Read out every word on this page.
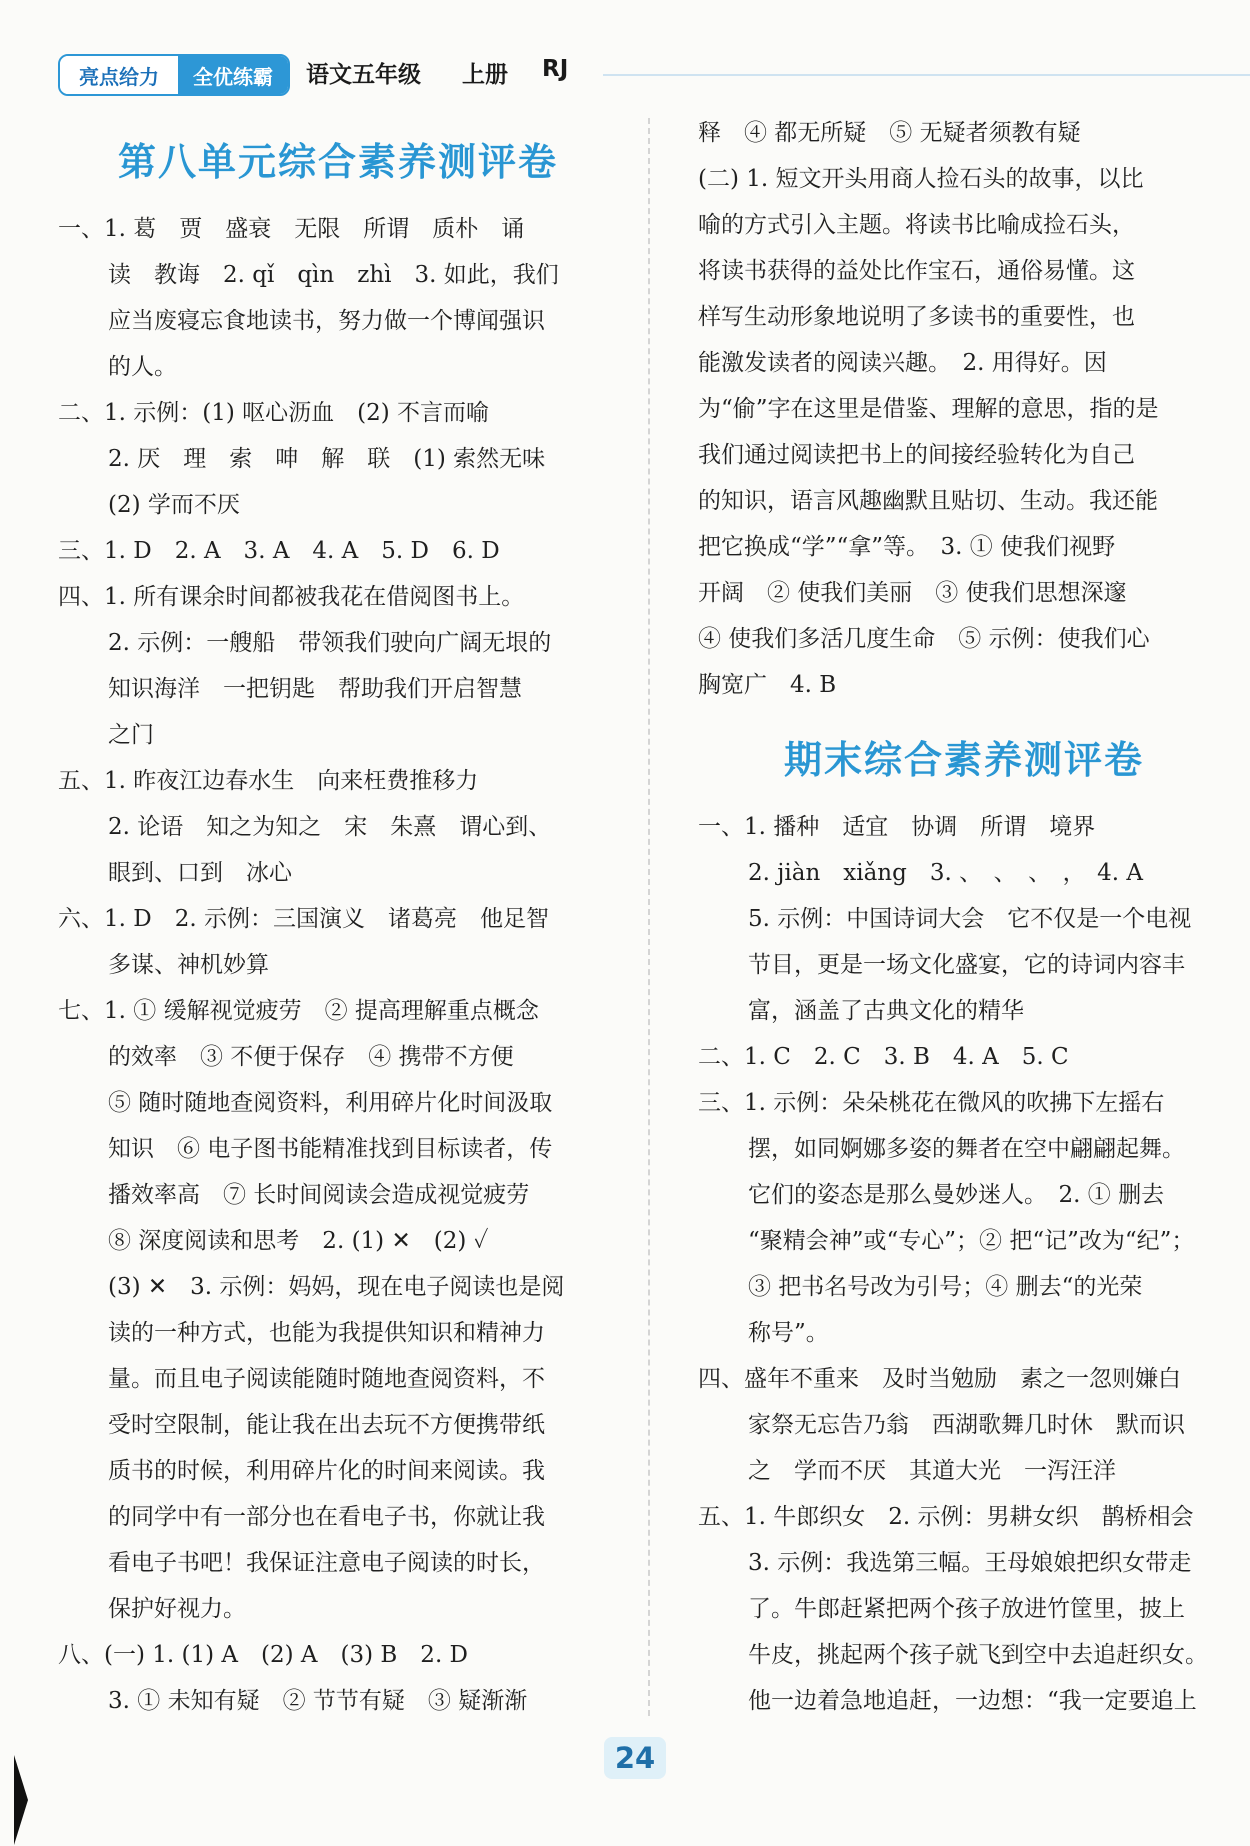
亮点给力	全优练霸	语文五年级 上册 RJ
第八单元综合素养测评卷
一、1. 葛　贾　盛衰　无限　所谓　质朴　诵
读　教诲　2. qǐ　qìn　zhì　3. 如此，我们
应当废寝忘食地读书，努力做一个博闻强识
的人。
二、1. 示例：(1) 呕心沥血　(2) 不言而喻
2. 厌　理　索　呻　解　联　(1) 索然无味
(2) 学而不厌
三、1. D　2. A　3. A　4. A　5. D　6. D
四、1. 所有课余时间都被我花在借阅图书上。
2. 示例：一艘船　带领我们驶向广阔无垠的
知识海洋　一把钥匙　帮助我们开启智慧
之门
五、1. 昨夜江边春水生　向来枉费推移力
2. 论语　知之为知之　宋　朱熹　谓心到、
眼到、口到　冰心
六、1. D　2. 示例：三国演义　诸葛亮　他足智
多谋、神机妙算
七、1. ① 缓解视觉疲劳　② 提高理解重点概念
的效率　③ 不便于保存　④ 携带不方便
⑤ 随时随地查阅资料，利用碎片化时间汲取
知识　⑥ 电子图书能精准找到目标读者，传
播效率高　⑦ 长时间阅读会造成视觉疲劳
⑧ 深度阅读和思考　2. (1) ✕　(2) ✓
(3) ✕　3. 示例：妈妈，现在电子阅读也是阅
读的一种方式，也能为我提供知识和精神力
量。而且电子阅读能随时随地查阅资料，不
受时空限制，能让我在出去玩不方便携带纸
质书的时候，利用碎片化的时间来阅读。我
的同学中有一部分也在看电子书，你就让我
看电子书吧！我保证注意电子阅读的时长，
保护好视力。
八、(一) 1. (1) A　(2) A　(3) B　2. D
3. ① 未知有疑　② 节节有疑　③ 疑渐渐
释　④ 都无所疑　⑤ 无疑者须教有疑
(二) 1. 短文开头用商人捡石头的故事，以比
喻的方式引入主题。将读书比喻成捡石头，
将读书获得的益处比作宝石，通俗易懂。这
样写生动形象地说明了多读书的重要性，也
能激发读者的阅读兴趣。　2. 用得好。因
为“偷”字在这里是借鉴、理解的意思，指的是
我们通过阅读把书上的间接经验转化为自己
的知识，语言风趣幽默且贴切、生动。我还能
把它换成“学”“拿”等。　3. ① 使我们视野
开阔　② 使我们美丽　③ 使我们思想深邃
④ 使我们多活几度生命　⑤ 示例：使我们心
胸宽广　4. B
期末综合素养测评卷
一、1. 播种　适宜　协调　所谓　境界
2. jiàn　xiǎng　3. 、　、　、　，　4. A
5. 示例：中国诗词大会　它不仅是一个电视
节目，更是一场文化盛宴，它的诗词内容丰
富，涵盖了古典文化的精华
二、1. C　2. C　3. B　4. A　5. C
三、1. 示例：朵朵桃花在微风的吹拂下左摇右
摆，如同婀娜多姿的舞者在空中翩翩起舞。
它们的姿态是那么曼妙迷人。　2. ① 删去
“聚精会神”或“专心”；② 把“记”改为“纪”；
③ 把书名号改为引号；④ 删去“的光荣
称号”。
四、盛年不重来　及时当勉励　素之一忽则嫌白
家祭无忘告乃翁　西湖歌舞几时休　默而识
之　学而不厌　其道大光　一泻汪洋
五、1. 牛郎织女　2. 示例：男耕女织　鹊桥相会
3. 示例：我选第三幅。王母娘娘把织女带走
了。牛郎赶紧把两个孩子放进竹筐里，披上
牛皮，挑起两个孩子就飞到空中去追赶织女。
他一边着急地追赶，一边想：“我一定要追上
24
